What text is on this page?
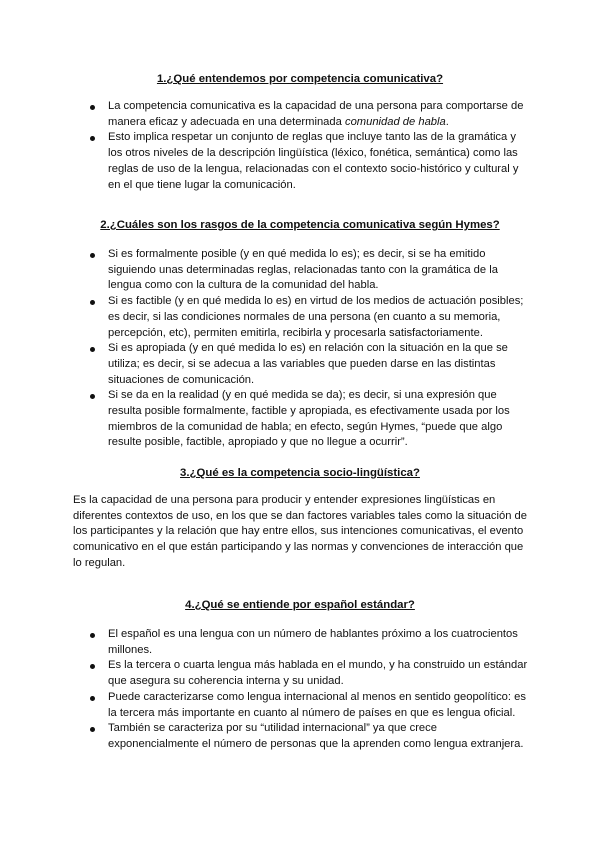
1.¿Qué entendemos por competencia comunicativa?
La competencia comunicativa es la capacidad de una persona para comportarse de
manera eficaz y adecuada en una determinada comunidad de habla.
Esto implica respetar un conjunto de reglas que incluye tanto las de la gramática y
los otros niveles de la descripción lingüística (léxico, fonética, semántica) como las
reglas de uso de la lengua, relacionadas con el contexto socio-histórico y cultural y
en el que tiene lugar la comunicación.
2.¿Cuáles son los rasgos de la competencia comunicativa según Hymes?
Si es formalmente posible (y en qué medida lo es); es decir, si se ha emitido
siguiendo unas determinadas reglas, relacionadas tanto con la gramática de la
lengua como con la cultura de la comunidad del habla.
Si es factible (y en qué medida lo es) en virtud de los medios de actuación posibles;
es decir, si las condiciones normales de una persona (en cuanto a su memoria,
percepción, etc), permiten emitirla, recibirla y procesarla satisfactoriamente.
Si es apropiada (y en qué medida lo es) en relación con la situación en la que se
utiliza; es decir, si se adecua a las variables que pueden darse en las distintas
situaciones de comunicación.
Si se da en la realidad (y en qué medida se da); es decir, si una expresión que
resulta posible formalmente, factible y apropiada, es efectivamente usada por los
miembros de la comunidad de habla; en efecto, según Hymes, “puede que algo
resulte posible, factible, apropiado y que no llegue a ocurrir”.
3.¿Qué es la competencia socio-lingüística?
Es la capacidad de una persona para producir y entender expresiones lingüísticas en
diferentes contextos de uso, en los que se dan factores variables tales como la situación de
los participantes y la relación que hay entre ellos, sus intenciones comunicativas, el evento
comunicativo en el que están participando y las normas y convenciones de interacción que
lo regulan.
4.¿Qué se entiende por español estándar?
El español es una lengua con un número de hablantes próximo a los cuatrocientos
millones.
Es la tercera o cuarta lengua más hablada en el mundo, y ha construido un estándar
que asegura su coherencia interna y su unidad.
Puede caracterizarse como lengua internacional al menos en sentido geopolítico: es
la tercera más importante en cuanto al número de países en que es lengua oficial.
También se caracteriza por su “utilidad internacional” ya que crece
exponencialmente el número de personas que la aprenden como lengua extranjera.
